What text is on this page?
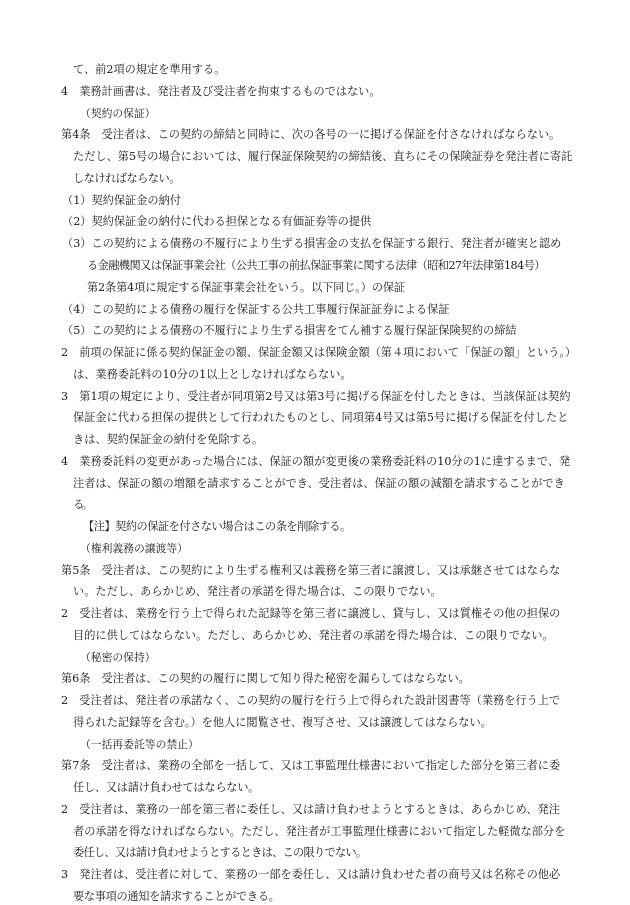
て、前2項の規定を準用する。
4　業務計画書は、発注者及び受注者を拘束するものではない。
（契約の保証）
第4条　受注者は、この契約の締結と同時に、次の各号の一に掲げる保証を付さなければならない。
ただし、第5号の場合においては、履行保証保険契約の締結後、直ちにその保険証券を発注者に寄託
しなければならない。
（1）契約保証金の納付
（2）契約保証金の納付に代わる担保となる有価証券等の提供
（3）この契約による債務の不履行により生ずる損害金の支払を保証する銀行、発注者が確実と認め
る金融機関又は保証事業会社（公共工事の前払保証事業に関する法律（昭和27年法律第184号）
第2条第4項に規定する保証事業会社をいう。以下同じ。）の保証
（4）この契約による債務の履行を保証する公共工事履行保証証券による保証
（5）この契約による債務の不履行により生ずる損害をてん補する履行保証保険契約の締結
2　前項の保証に係る契約保証金の額、保証金額又は保険金額（第４項において「保証の額」という。）
は、業務委託料の10分の1以上としなければならない。
3　第1項の規定により、受注者が同項第2号又は第3号に掲げる保証を付したときは、当該保証は契約
保証金に代わる担保の提供として行われたものとし、同項第4号又は第5号に掲げる保証を付したと
きは、契約保証金の納付を免除する。
4　業務委託料の変更があった場合には、保証の額が変更後の業務委託料の10分の1に達するまで、発
注者は、保証の額の増額を請求することができ、受注者は、保証の額の減額を請求することができ
る。
【注】契約の保証を付さない場合はこの条を削除する。
（権利義務の譲渡等）
第5条　受注者は、この契約により生ずる権利又は義務を第三者に譲渡し、又は承継させてはならな
い。ただし、あらかじめ、発注者の承諾を得た場合は、この限りでない。
2　受注者は、業務を行う上で得られた記録等を第三者に譲渡し、貸与し、又は質権その他の担保の
目的に供してはならない。ただし、あらかじめ、発注者の承諾を得た場合は、この限りでない。
（秘密の保持）
第6条　受注者は、この契約の履行に関して知り得た秘密を漏らしてはならない。
2　受注者は、発注者の承諾なく、この契約の履行を行う上で得られた設計図書等（業務を行う上で
得られた記録等を含む。）を他人に閲覧させ、複写させ、又は譲渡してはならない。
（一括再委託等の禁止）
第7条　受注者は、業務の全部を一括して、又は工事監理仕様書において指定した部分を第三者に委
任し、又は請け負わせてはならない。
2　受注者は、業務の一部を第三者に委任し、又は請け負わせようとするときは、あらかじめ、発注
者の承諾を得なければならない。ただし、発注者が工事監理仕様書において指定した軽微な部分を
委任し、又は請け負わせようとするときは、この限りでない。
3　発注者は、受注者に対して、業務の一部を委任し、又は請け負わせた者の商号又は名称その他必
要な事項の通知を請求することができる。
